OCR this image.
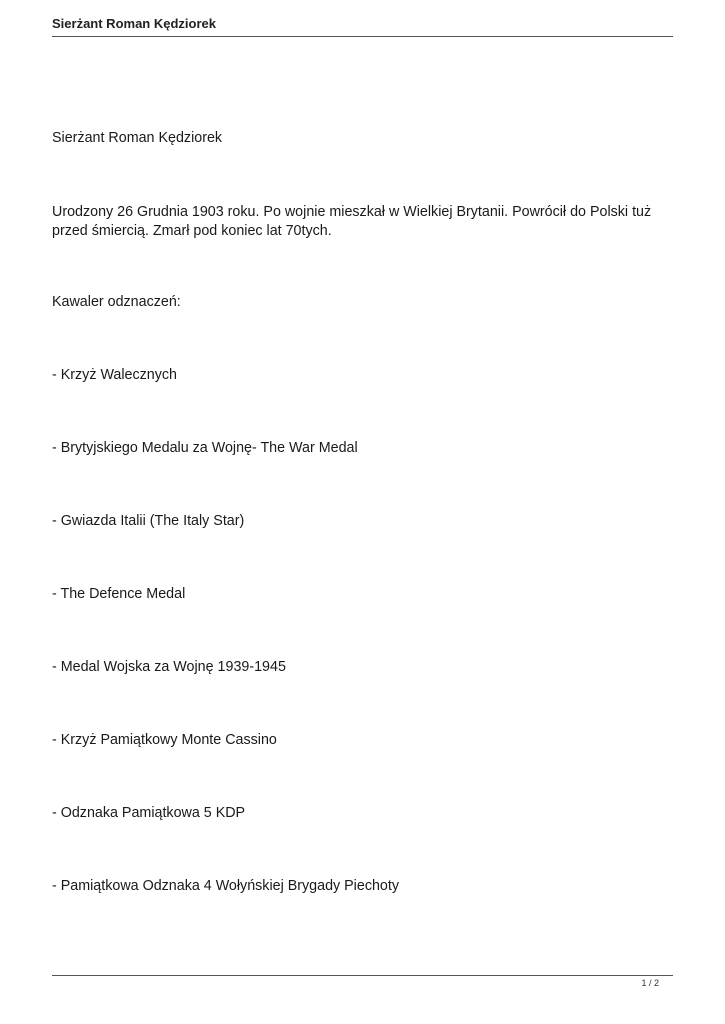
Sierżant Roman Kędziorek
Sierżant Roman Kędziorek
Urodzony 26 Grudnia 1903 roku. Po wojnie mieszkał w Wielkiej Brytanii. Powrócił do Polski tuż przed śmiercią. Zmarł pod koniec lat 70tych.
Kawaler odznaczeń:
- Krzyż Walecznych
- Brytyjskiego Medalu za Wojnę- The War Medal
- Gwiazda Italii (The Italy Star)
- The Defence Medal
- Medal Wojska za Wojnę 1939-1945
- Krzyż Pamiątkowy Monte Cassino
- Odznaka Pamiątkowa 5 KDP
- Pamiątkowa Odznaka 4 Wołyńskiej Brygady Piechoty
1 / 2
